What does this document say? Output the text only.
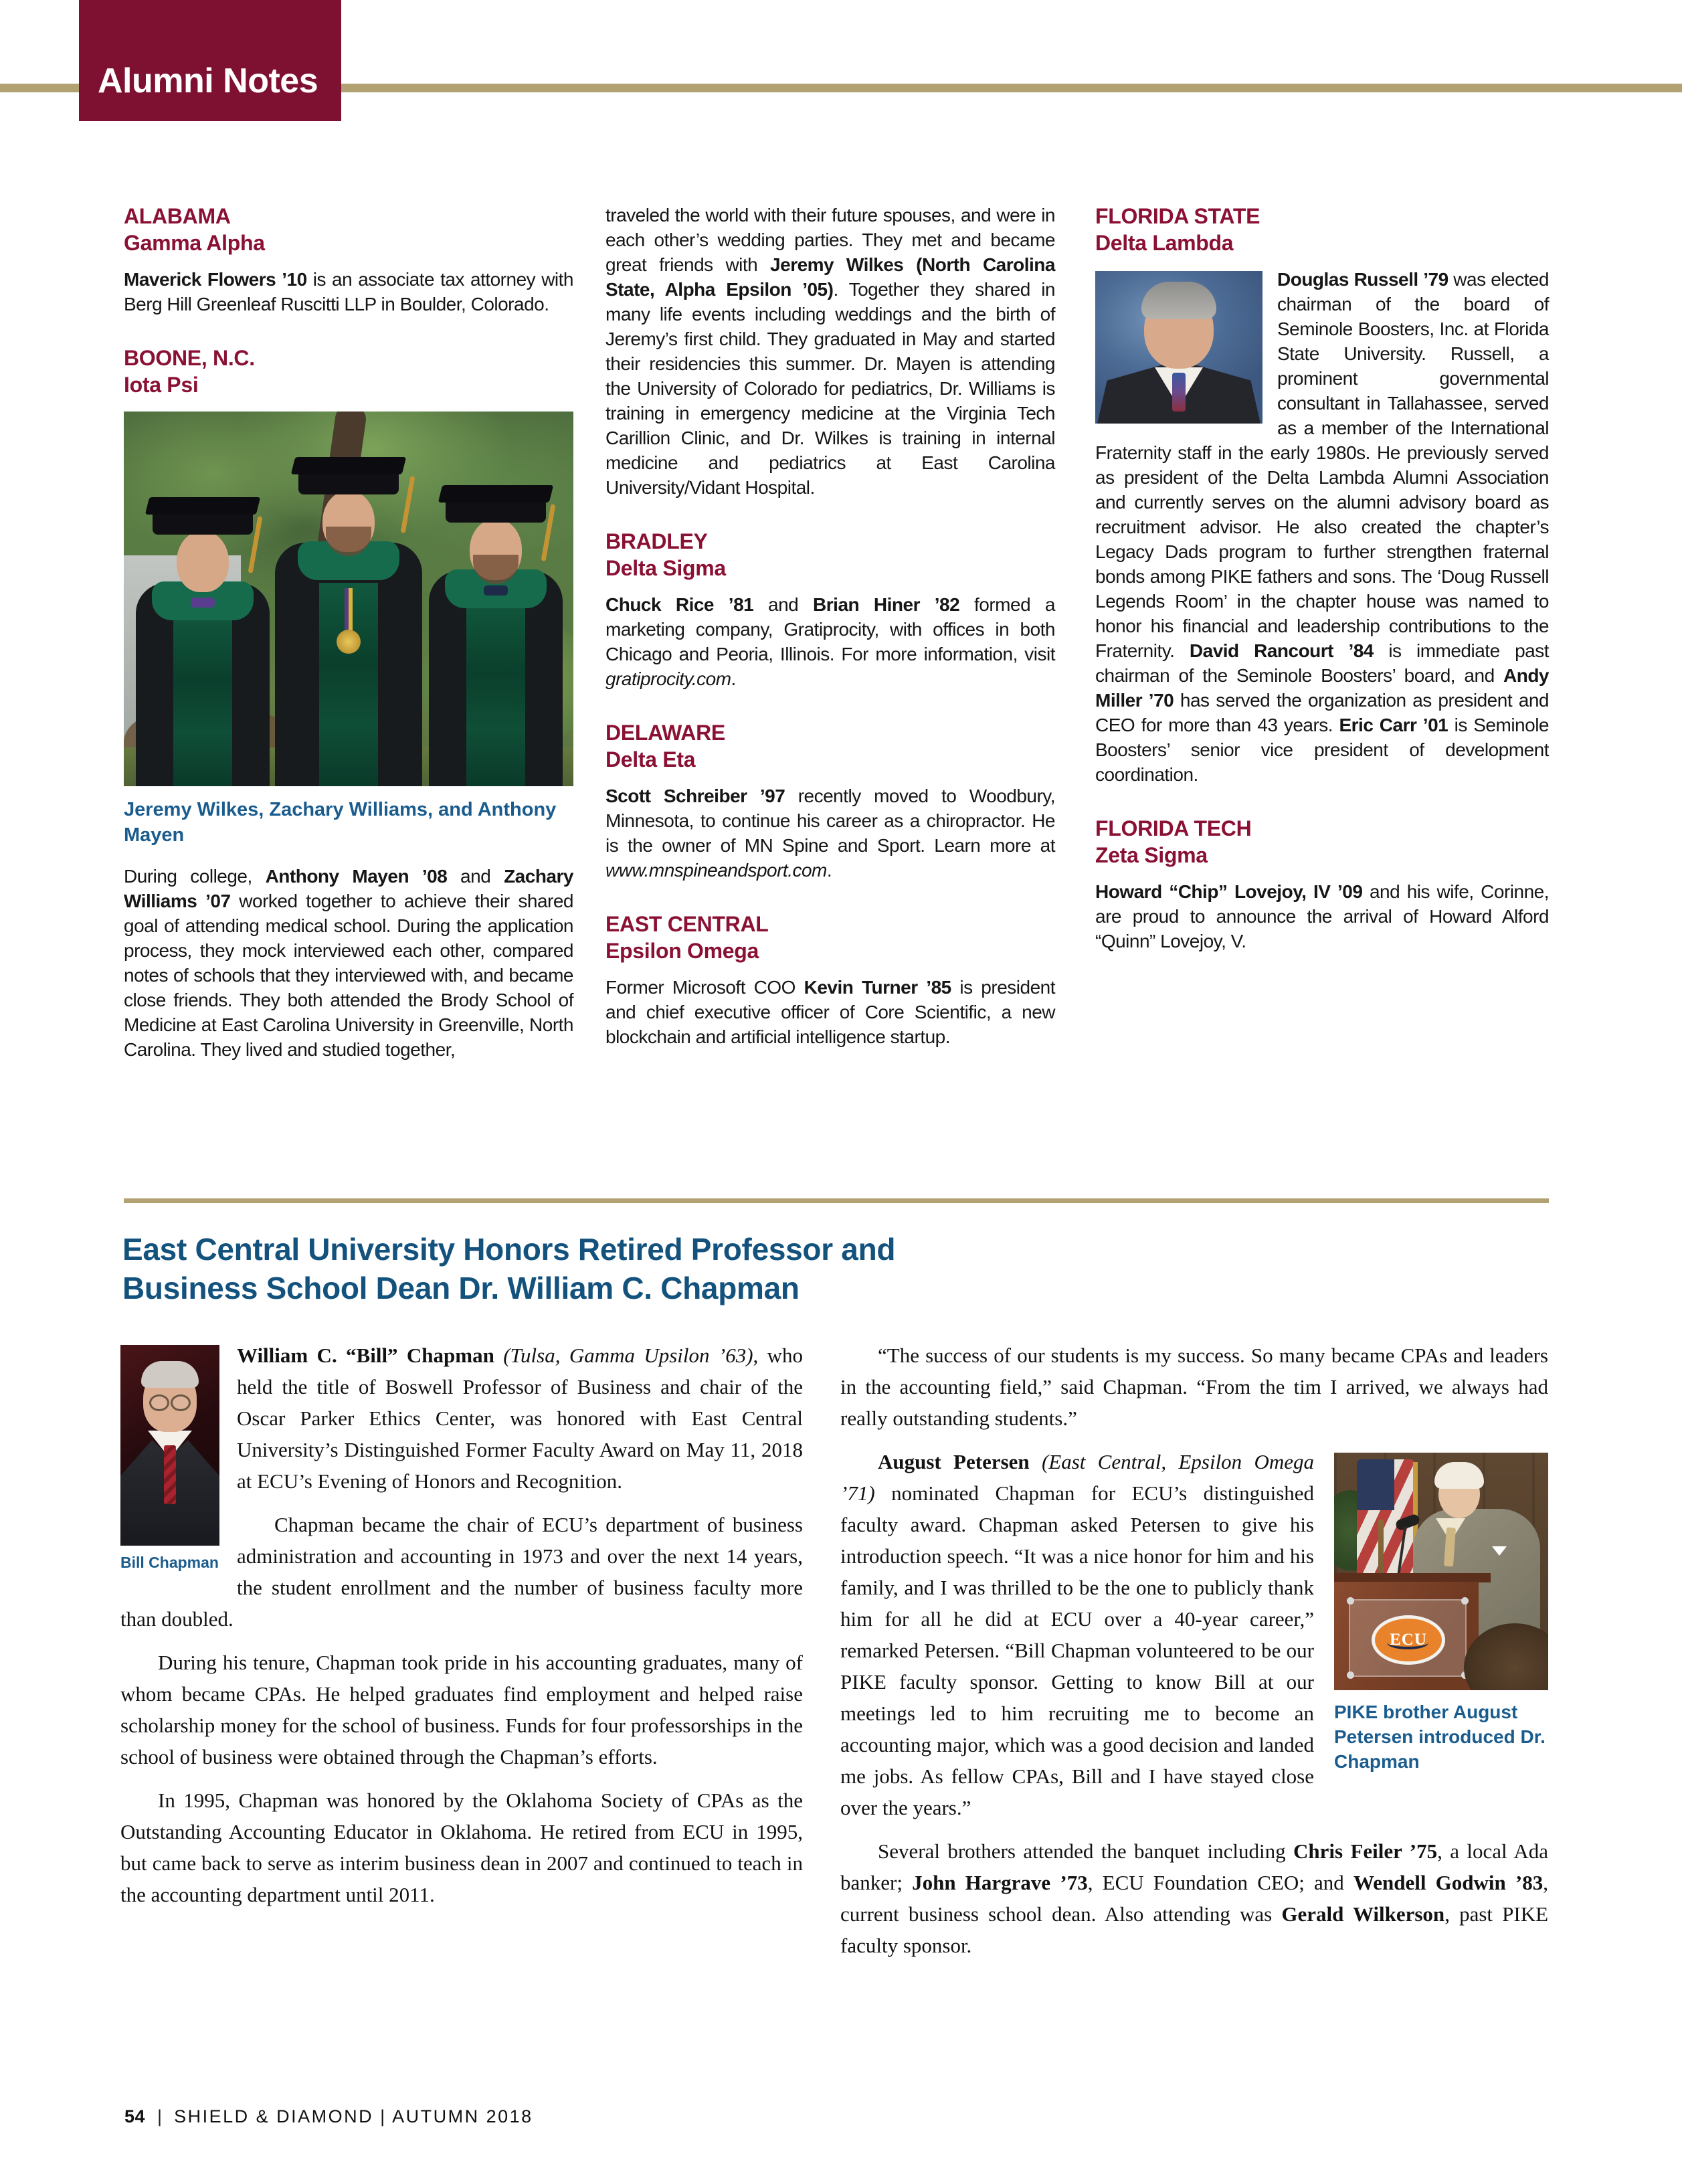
Alumni Notes
ALABAMA
Gamma Alpha

Maverick Flowers ’10 is an associate tax attorney with Berg Hill Greenleaf Ruscitti LLP in Boulder, Colorado.

BOONE, N.C.
Iota Psi
Jeremy Wilkes, Zachary Williams, and Anthony Mayen

During college, Anthony Mayen ’08 and Zachary Williams ’07 worked together to achieve their shared goal of attending medical school. During the application process, they mock interviewed each other, compared notes of schools that they interviewed with, and became close friends. They both attended the Brody School of Medicine at East Carolina University in Greenville, North Carolina. They lived and studied together,

traveled the world with their future spouses, and were in each other’s wedding parties. They met and became great friends with Jeremy Wilkes (North Carolina State, Alpha Epsilon ’05). Together they shared in many life events including weddings and the birth of Jeremy’s first child. They graduated in May and started their residencies this summer. Dr. Mayen is attending the University of Colorado for pediatrics, Dr. Williams is training in emergency medicine at the Virginia Tech Carillion Clinic, and Dr. Wilkes is training in internal medicine and pediatrics at East Carolina University/Vidant Hospital.

BRADLEY
Delta Sigma

Chuck Rice ’81 and Brian Hiner ’82 formed a marketing company, Gratiprocity, with offices in both Chicago and Peoria, Illinois. For more information, visit gratiprocity.com.

DELAWARE
Delta Eta

Scott Schreiber ’97 recently moved to Woodbury, Minnesota, to continue his career as a chiropractor. He is the owner of MN Spine and Sport. Learn more at www.mnspineandsport.com.

EAST CENTRAL
Epsilon Omega

Former Microsoft COO Kevin Turner ’85 is president and chief executive officer of Core Scientific, a new blockchain and artificial intelligence startup.

FLORIDA STATE
Delta Lambda

Douglas Russell ’79 was elected chairman of the board of Seminole Boosters, Inc. at Florida State University. Russell, a prominent governmental consultant in Tallahassee, served as a member of the International Fraternity staff in the early 1980s. He previously served as president of the Delta Lambda Alumni Association and currently serves on the alumni advisory board as recruitment advisor. He also created the chapter’s Legacy Dads program to further strengthen fraternal bonds among PIKE fathers and sons. The ‘Doug Russell Legends Room’ in the chapter house was named to honor his financial and leadership contributions to the Fraternity. David Rancourt ’84 is immediate past chairman of the Seminole Boosters’ board, and Andy Miller ’70 has served the organization as president and CEO for more than 43 years. Eric Carr ’01 is Seminole Boosters’ senior vice president of development coordination.

FLORIDA TECH
Zeta Sigma

Howard “Chip” Lovejoy, IV ’09 and his wife, Corinne, are proud to announce the arrival of Howard Alford “Quinn” Lovejoy, V.

East Central University Honors Retired Professor and
Business School Dean Dr. William C. Chapman
Bill Chapman

William C. “Bill” Chapman (Tulsa, Gamma Upsilon ’63), who held the title of Boswell Professor of Business and chair of the Oscar Parker Ethics Center, was honored with East Central University’s Distinguished Former Faculty Award on May 11, 2018 at ECU’s Evening of Honors and Recognition.

Chapman became the chair of ECU’s department of business administration and accounting in 1973 and over the next 14 years, the student enrollment and the number of business faculty more than doubled.

During his tenure, Chapman took pride in his accounting graduates, many of whom became CPAs. He helped graduates find employment and helped raise scholarship money for the school of business. Funds for four professorships in the school of business were obtained through the Chapman’s efforts.

In 1995, Chapman was honored by the Oklahoma Society of CPAs as the Outstanding Accounting Educator in Oklahoma. He retired from ECU in 1995, but came back to serve as interim business dean in 2007 and continued to teach in the accounting department until 2011.

“The success of our students is my success. So many became CPAs and leaders in the accounting field,” said Chapman. “From the tim I arrived, we always had really outstanding students.”

ECU
PIKE brother August Petersen introduced Dr. Chapman

August Petersen (East Central, Epsilon Omega ’71) nominated Chapman for ECU’s distinguished faculty award. Chapman asked Petersen to give his introduction speech. “It was a nice honor for him and his family, and I was thrilled to be the one to publicly thank him for all he did at ECU over a 40-year career,” remarked Petersen. “Bill Chapman volunteered to be our PIKE faculty sponsor. Getting to know Bill at our meetings led to him recruiting me to become an accounting major, which was a good decision and landed me jobs. As fellow CPAs, Bill and I have stayed close over the years.”

Several brothers attended the banquet including Chris Feiler ’75, a local Ada banker; John Hargrave ’73, ECU Foundation CEO; and Wendell Godwin ’83, current business school dean. Also attending was Gerald Wilkerson, past PIKE faculty sponsor.

54 | SHIELD & DIAMOND | AUTUMN 2018
